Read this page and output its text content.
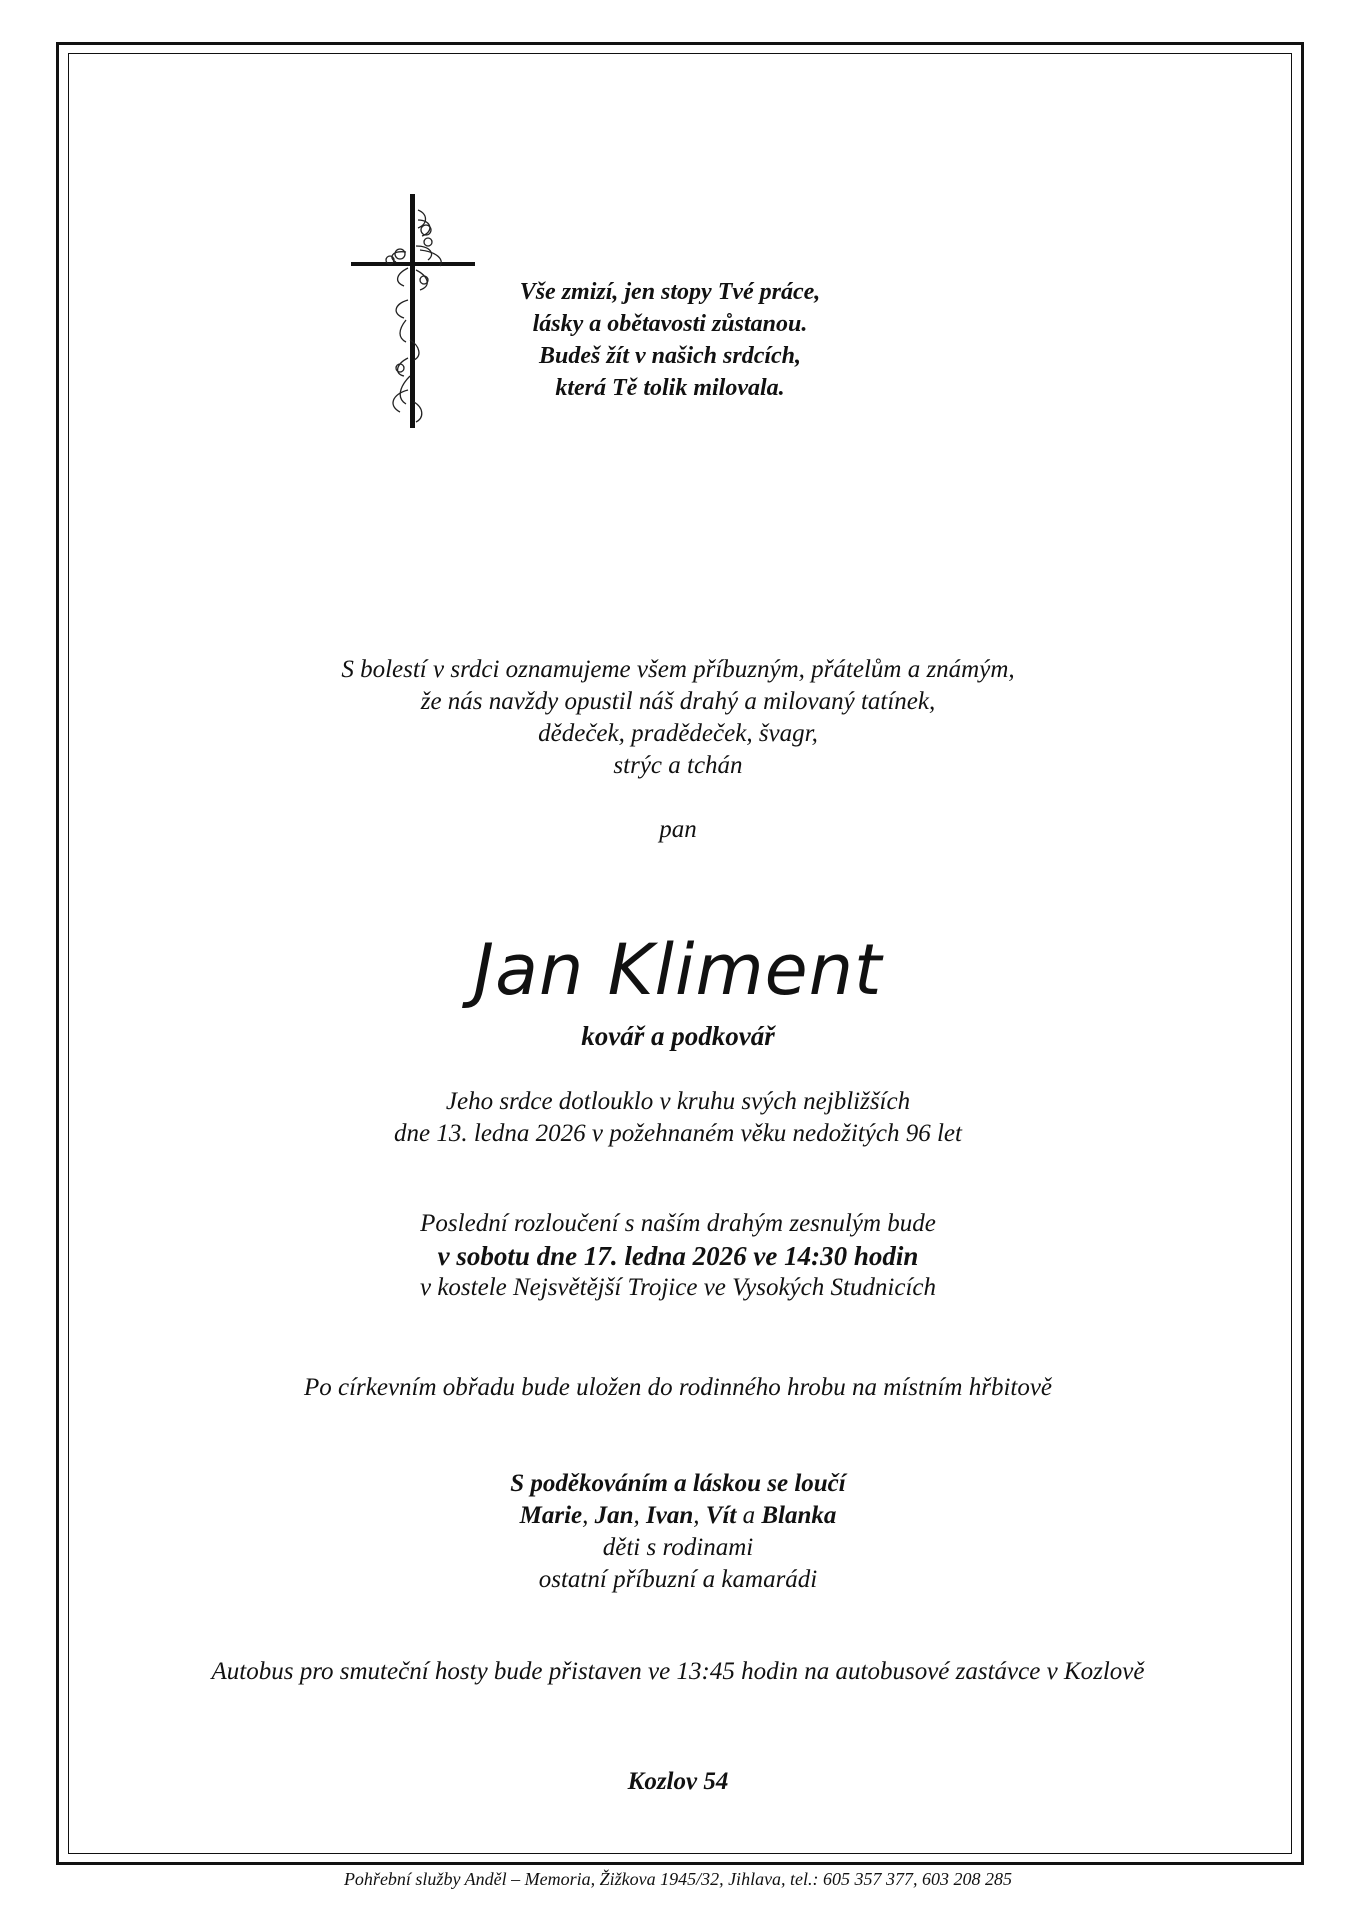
Vše zmizí, jen stopy Tvé práce,
lásky a obětavosti zůstanou.
Budeš žít v našich srdcích,
která Tě tolik milovala.
S bolestí v srdci oznamujeme všem příbuzným, přátelům a známým,
že nás navždy opustil náš drahý a milovaný tatínek,
dědeček, pradědeček, švagr,
strýc a tchán
pan
Jan Kliment
kovář a podkovář
Jeho srdce dotlouklo v kruhu svých nejbližších
dne 13. ledna 2026 v požehnaném věku nedožitých 96 let
Poslední rozloučení s naším drahým zesnulým bude
v sobotu dne 17. ledna 2026 ve 14:30 hodin
v kostele Nejsvětější Trojice ve Vysokých Studnicích
Po církevním obřadu bude uložen do rodinného hrobu na místním hřbitově
S poděkováním a láskou se loučí
Marie, Jan, Ivan, Vít a Blanka
děti s rodinami
ostatní příbuzní a kamarádi
Autobus pro smuteční hosty bude přistaven ve 13:45 hodin na autobusové zastávce v Kozlově
Kozlov 54
Pohřební služby Anděl – Memoria, Žižkova 1945/32, Jihlava, tel.: 605 357 377, 603 208 285
